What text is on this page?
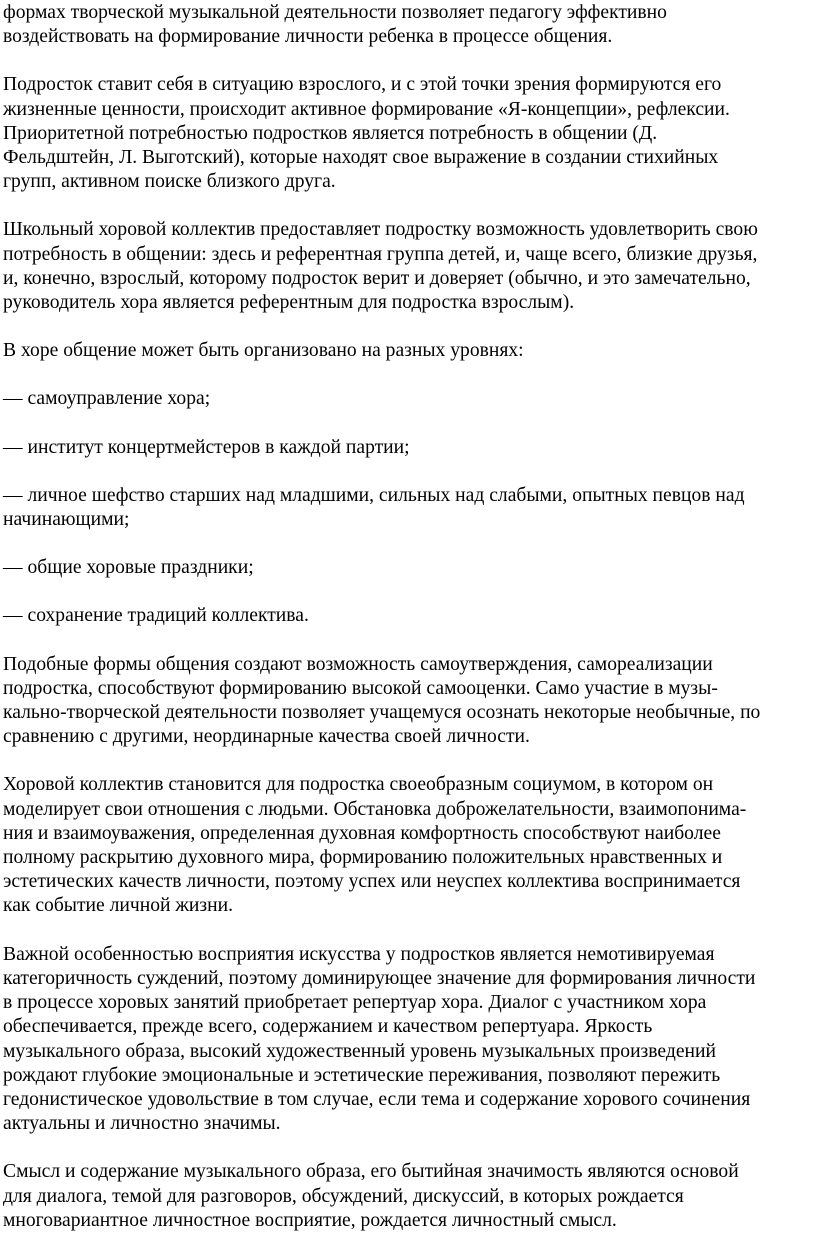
формах творческой музыкальной деятельности позволяет педагогу эффективно
воздействовать на формирование личности ребенка в процессе общения.

Подросток ставит себя в ситуацию взрослого, и с этой точки зрения формируются его
жизненные ценности, происходит активное формирование «Я-концепции», рефлексии.
Приоритетной потребностью подростков является потребность в общении (Д.
Фельдштейн, Л. Выготский), которые находят свое выражение в создании стихийных
групп, активном поиске близкого друга.

Школьный хоровой коллектив предоставляет подростку возможность удовлетворить свою
потребность в общении: здесь и референтная группа детей, и, чаще всего, близкие друзья,
и, конечно, взрослый, которому подросток верит и доверяет (обычно, и это замечательно,
руководитель хора является референтным для подростка взрослым).

В хоре общение может быть организовано на разных уровнях:

— самоуправление хора;

— институт концертмейстеров в каждой партии;

— личное шефство старших над младшими, сильных над слабыми, опытных певцов над
начинающими;

— общие хоровые праздники;

— сохранение традиций коллектива.

Подобные формы общения создают возможность самоутверждения, самореализации
подростка, способствуют формированию высокой самооценки. Само участие в музы-
кально-творческой деятельности позволяет учащемуся осознать некоторые необычные, по
сравнению с другими, неординарные качества своей личности.

Хоровой коллектив становится для подростка своеобразным социумом, в котором он
моделирует свои отношения с людьми. Обстановка доброжелательности, взаимопонима-
ния и взаимоуважения, определенная духовная комфортность способствуют наиболее
полному раскрытию духовного мира, формированию положительных нравственных и
эстетических качеств личности, поэтому успех или неуспех коллектива воспринимается
как событие личной жизни.

Важной особенностью восприятия искусства у подростков является немотивируемая
категоричность суждений, поэтому доминирующее значение для формирования личности
в процессе хоровых занятий приобретает репертуар хора. Диалог с участником хора
обеспечивается, прежде всего, содержанием и качеством репертуара. Яркость
музыкального образа, высокий художественный уровень музыкальных произведений
рождают глубокие эмоциональные и эстетические переживания, позволяют пережить
гедонистическое удовольствие в том случае, если тема и содержание хорового сочинения
актуальны и личностно значимы.

Смысл и содержание музыкального образа, его бытийная значимость являются основой
для диалога, темой для разговоров, обсуждений, дискуссий, в которых рождается
многовариантное личностное восприятие, рождается личностный смысл.
